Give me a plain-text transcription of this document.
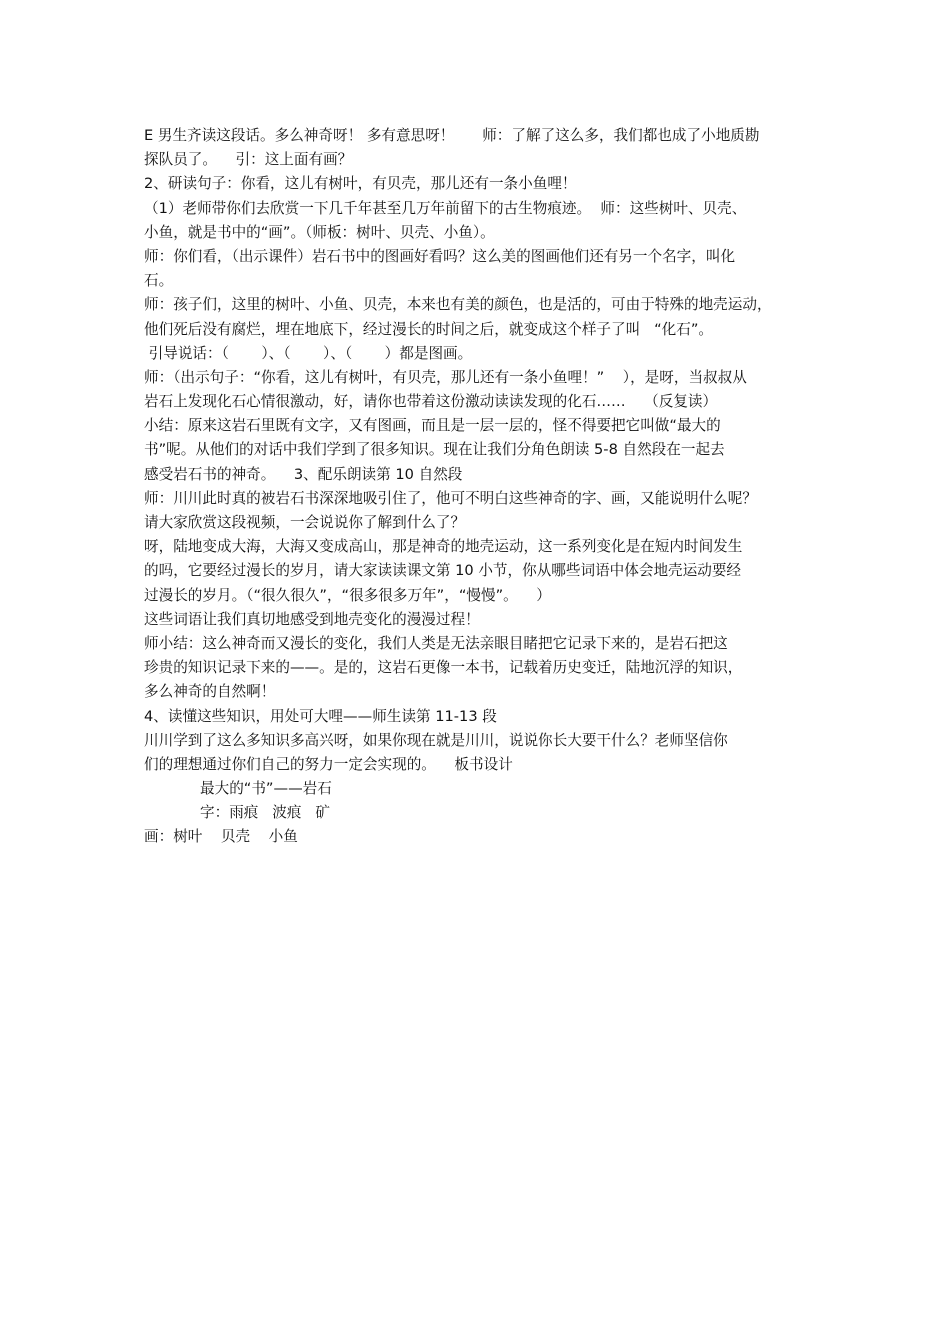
E 男生齐读这段话。多么神奇呀！ 多有意思呀！      师：了解了这么多，我们都也成了小地质勘
探队员了。    引：这上面有画？
2、研读句子：你看，这儿有树叶，有贝壳，那儿还有一条小鱼哩！
（1）老师带你们去欣赏一下几千年甚至几万年前留下的古生物痕迹。  师：这些树叶、贝壳、
小鱼，就是书中的“画”。（师板：树叶、贝壳、小鱼）。
师：你们看，（出示课件）岩石书中的图画好看吗？这么美的图画他们还有另一个名字，叫化
石。
师：孩子们，这里的树叶、小鱼、贝壳，本来也有美的颜色，也是活的，可由于特殊的地壳运动，
他们死后没有腐烂，埋在地底下，经过漫长的时间之后，就变成这个样子了叫   “化石”。
引导说话：（       ）、（       ）、（       ）都是图画。
师：（出示句子：“你看，这儿有树叶，有贝壳，那儿还有一条小鱼哩！”    ），是呀，当叔叔从
岩石上发现化石心情很激动，好，请你也带着这份激动读读发现的化石……    （反复读）
小结：原来这岩石里既有文字，又有图画，而且是一层一层的，怪不得要把它叫做“最大的
书”呢。从他们的对话中我们学到了很多知识。现在让我们分角色朗读 5-8 自然段在一起去
感受岩石书的神奇。    3、配乐朗读第 10 自然段
师：川川此时真的被岩石书深深地吸引住了，他可不明白这些神奇的字、画，又能说明什么呢？
请大家欣赏这段视频，一会说说你了解到什么了？
呀，陆地变成大海，大海又变成高山，那是神奇的地壳运动，这一系列变化是在短内时间发生
的吗，它要经过漫长的岁月，请大家读读课文第 10 小节，你从哪些词语中体会地壳运动要经
过漫长的岁月。（“很久很久”，“很多很多万年”，“慢慢”。    ）
这些词语让我们真切地感受到地壳变化的漫漫过程！
师小结：这么神奇而又漫长的变化，我们人类是无法亲眼目睹把它记录下来的，是岩石把这
珍贵的知识记录下来的——。是的，这岩石更像一本书，记载着历史变迁，陆地沉浮的知识，
多么神奇的自然啊！
4、读懂这些知识，用处可大哩——师生读第 11-13 段
川川学到了这么多知识多高兴呀，如果你现在就是川川，说说你长大要干什么？老师坚信你
们的理想通过你们自己的努力一定会实现的。    板书设计
最大的“书”——岩石
字：雨痕   波痕   矿
画：树叶    贝壳    小鱼
